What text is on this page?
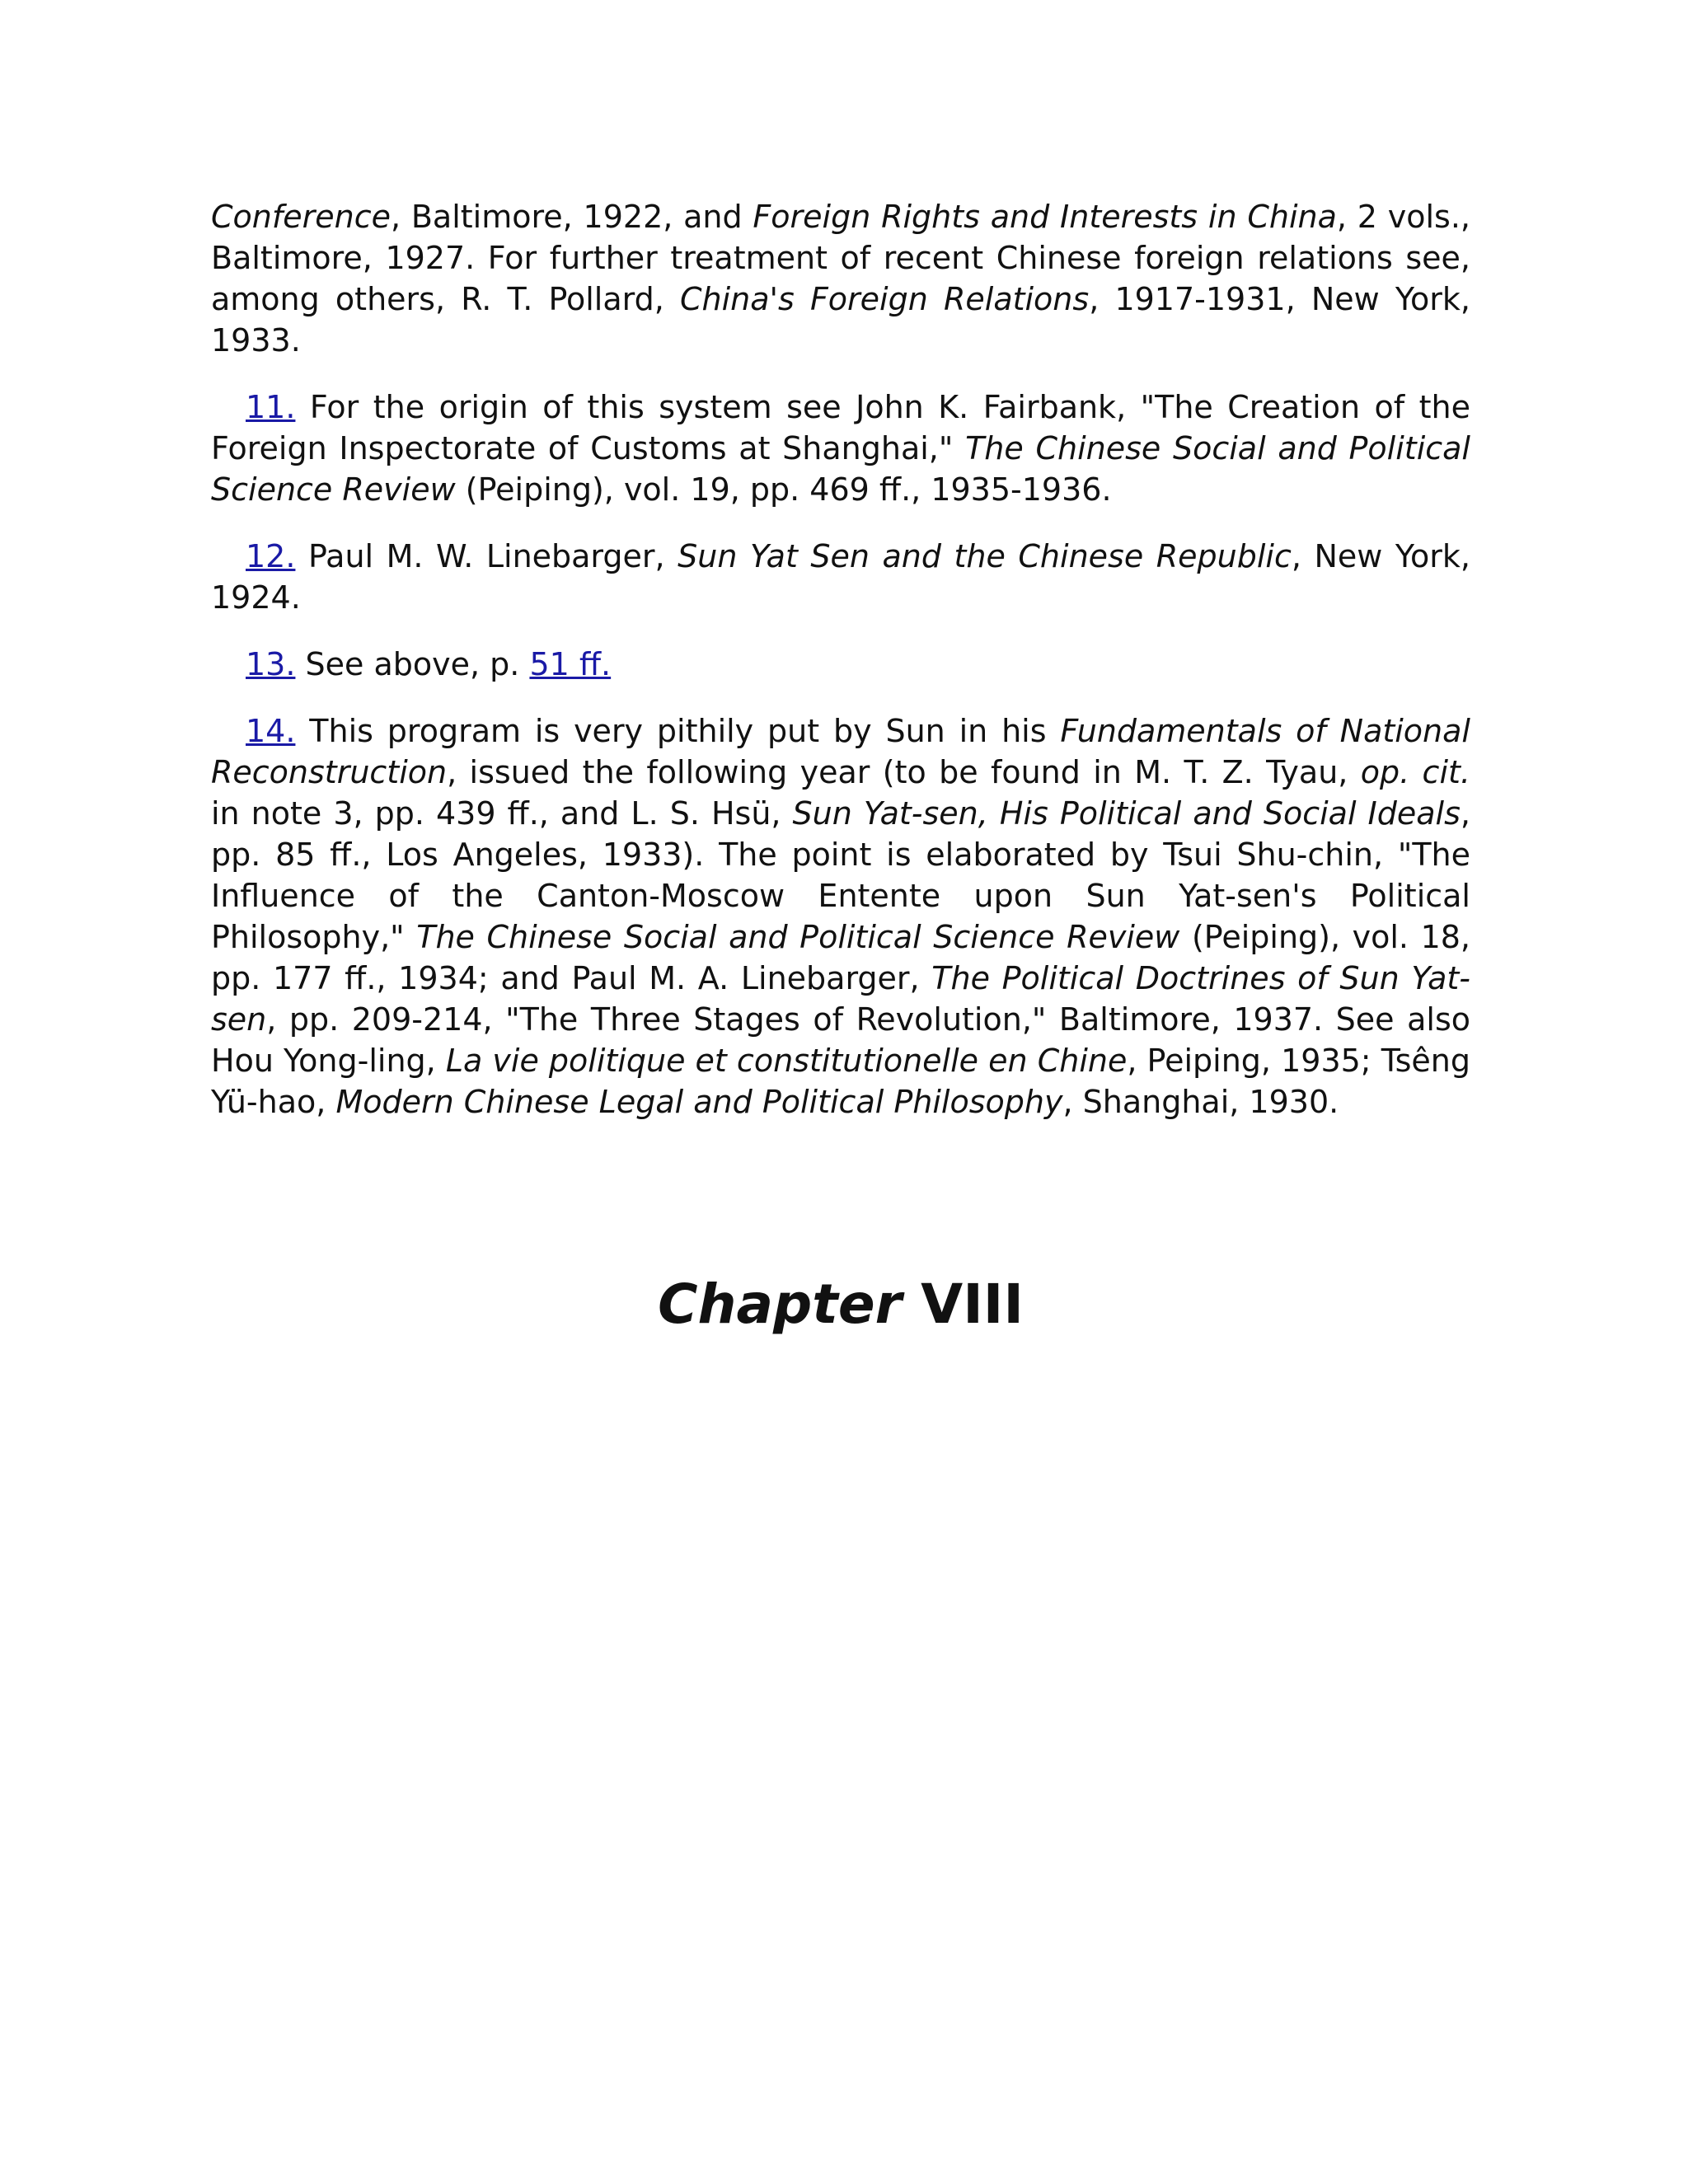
Conference, Baltimore, 1922, and Foreign Rights and Interests in China, 2 vols., Baltimore, 1927. For further treatment of recent Chinese foreign relations see, among others, R. T. Pollard, China's Foreign Relations, 1917-1931, New York, 1933.

11. For the origin of this system see John K. Fairbank, "The Creation of the Foreign Inspectorate of Customs at Shanghai," The Chinese Social and Political Science Review (Peiping), vol. 19, pp. 469 ff., 1935-1936.

12. Paul M. W. Linebarger, Sun Yat Sen and the Chinese Republic, New York, 1924.

13. See above, p. 51 ff.

14. This program is very pithily put by Sun in his Fundamentals of National Reconstruction, issued the following year (to be found in M. T. Z. Tyau, op. cit. in note 3, pp. 439 ff., and L. S. Hsü, Sun Yat-sen, His Political and Social Ideals, pp. 85 ff., Los Angeles, 1933). The point is elaborated by Tsui Shu-chin, "The Influence of the Canton-Moscow Entente upon Sun Yat-sen's Political Philosophy," The Chinese Social and Political Science Review (Peiping), vol. 18, pp. 177 ff., 1934; and Paul M. A. Linebarger, The Political Doctrines of Sun Yat-sen, pp. 209-214, "The Three Stages of Revolution," Baltimore, 1937. See also Hou Yong-ling, La vie politique et constitutionelle en Chine, Peiping, 1935; Tsêng Yü-hao, Modern Chinese Legal and Political Philosophy, Shanghai, 1930.

Chapter VIII
